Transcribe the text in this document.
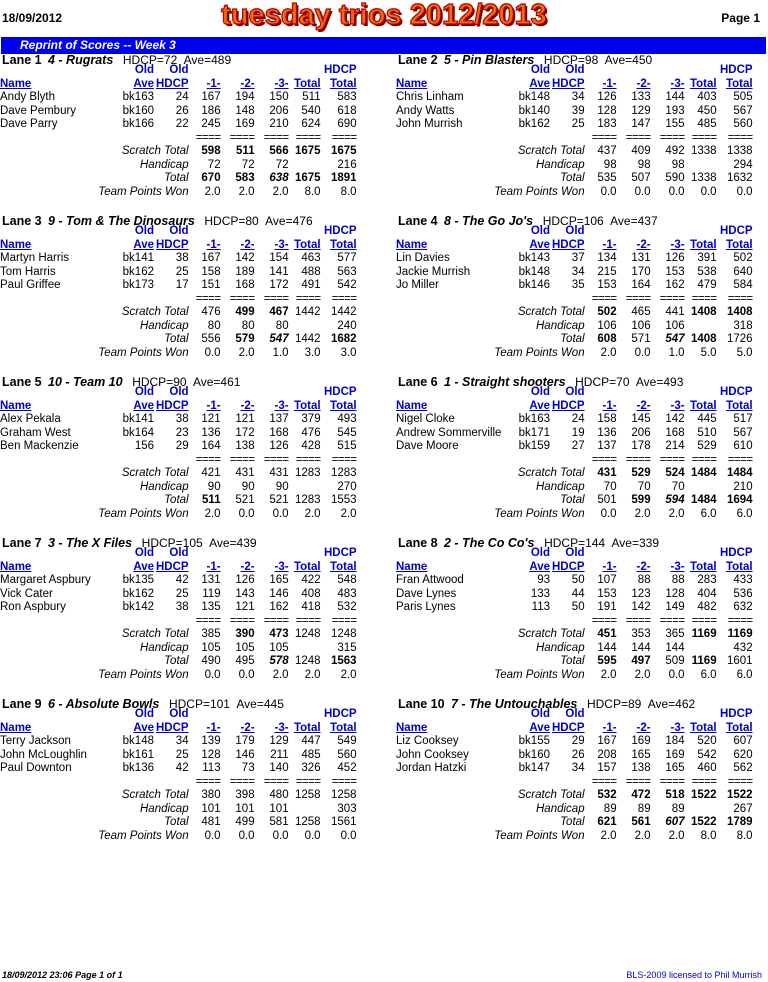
18/09/2012	tuesday trios 2012/2013	Page 1
Reprint of Scores -- Week 3
Lane 1 4 - Rugrats HDCP=72 Ave=489
	Old	Old					HDCP
Name	Ave	HDCP	-1-	-2-	-3-	Total	Total
Andy Blyth	bk163	24	167	194	150	511	583
Dave Pembury	bk160	26	186	148	206	540	618
Dave Parry	bk166	22	245	169	210	624	690
			====	====	====	====	====
Scratch Total			598	511	566	1675	1675
Handicap			72	72	72		216
Total			670	583	638	1675	1891
Team Points Won			2.0	2.0	2.0	8.0	8.0
Lane 2 5 - Pin Blasters HDCP=98 Ave=450
	Old	Old					HDCP
Name	Ave	HDCP	-1-	-2-	-3-	Total	Total
Chris Linham	bk148	34	126	133	144	403	505
Andy Watts	bk140	39	128	129	193	450	567
John Murrish	bk162	25	183	147	155	485	560
			====	====	====	====	====
Scratch Total			437	409	492	1338	1338
Handicap			98	98	98		294
Total			535	507	590	1338	1632
Team Points Won			0.0	0.0	0.0	0.0	0.0
Lane 3 9 - Tom & The Dinosaurs HDCP=80 Ave=476
	Old	Old					HDCP
Name	Ave	HDCP	-1-	-2-	-3-	Total	Total
Martyn Harris	bk141	38	167	142	154	463	577
Tom Harris	bk162	25	158	189	141	488	563
Paul Griffee	bk173	17	151	168	172	491	542
			====	====	====	====	====
Scratch Total			476	499	467	1442	1442
Handicap			80	80	80		240
Total			556	579	547	1442	1682
Team Points Won			0.0	2.0	1.0	3.0	3.0
Lane 4 8 - The Go Jo's HDCP=106 Ave=437
	Old	Old					HDCP
Name	Ave	HDCP	-1-	-2-	-3-	Total	Total
Lin Davies	bk143	37	134	131	126	391	502
Jackie Murrish	bk148	34	215	170	153	538	640
Jo Miller	bk146	35	153	164	162	479	584
			====	====	====	====	====
Scratch Total			502	465	441	1408	1408
Handicap			106	106	106		318
Total			608	571	547	1408	1726
Team Points Won			2.0	0.0	1.0	5.0	5.0
Lane 5 10 - Team 10 HDCP=90 Ave=461
	Old	Old					HDCP
Name	Ave	HDCP	-1-	-2-	-3-	Total	Total
Alex Pekala	bk141	38	121	121	137	379	493
Graham West	bk164	23	136	172	168	476	545
Ben Mackenzie	156	29	164	138	126	428	515
			====	====	====	====	====
Scratch Total			421	431	431	1283	1283
Handicap			90	90	90		270
Total			511	521	521	1283	1553
Team Points Won			2.0	0.0	0.0	2.0	2.0
Lane 6 1 - Straight shooters HDCP=70 Ave=493
	Old	Old					HDCP
Name	Ave	HDCP	-1-	-2-	-3-	Total	Total
Nigel Cloke	bk163	24	158	145	142	445	517
Andrew Sommerville	bk171	19	136	206	168	510	567
Dave Moore	bk159	27	137	178	214	529	610
			====	====	====	====	====
Scratch Total			431	529	524	1484	1484
Handicap			70	70	70		210
Total			501	599	594	1484	1694
Team Points Won			0.0	2.0	2.0	6.0	6.0
Lane 7 3 - The X Files HDCP=105 Ave=439
	Old	Old					HDCP
Name	Ave	HDCP	-1-	-2-	-3-	Total	Total
Margaret Aspbury	bk135	42	131	126	165	422	548
Vick Cater	bk162	25	119	143	146	408	483
Ron Aspbury	bk142	38	135	121	162	418	532
			====	====	====	====	====
Scratch Total			385	390	473	1248	1248
Handicap			105	105	105		315
Total			490	495	578	1248	1563
Team Points Won			0.0	0.0	2.0	2.0	2.0
Lane 8 2 - The Co Co's HDCP=144 Ave=339
	Old	Old					HDCP
Name	Ave	HDCP	-1-	-2-	-3-	Total	Total
Fran Attwood	93	50	107	88	88	283	433
Dave Lynes	133	44	153	123	128	404	536
Paris Lynes	113	50	191	142	149	482	632
			====	====	====	====	====
Scratch Total			451	353	365	1169	1169
Handicap			144	144	144		432
Total			595	497	509	1169	1601
Team Points Won			2.0	2.0	0.0	6.0	6.0
Lane 9 6 - Absolute Bowls HDCP=101 Ave=445
	Old	Old					HDCP
Name	Ave	HDCP	-1-	-2-	-3-	Total	Total
Terry Jackson	bk148	34	139	179	129	447	549
John McLoughlin	bk161	25	128	146	211	485	560
Paul Downton	bk136	42	113	73	140	326	452
			====	====	====	====	====
Scratch Total			380	398	480	1258	1258
Handicap			101	101	101		303
Total			481	499	581	1258	1561
Team Points Won			0.0	0.0	0.0	0.0	0.0
Lane 10 7 - The Untouchables HDCP=89 Ave=462
	Old	Old					HDCP
Name	Ave	HDCP	-1-	-2-	-3-	Total	Total
Liz Cooksey	bk155	29	167	169	184	520	607
John Cooksey	bk160	26	208	165	169	542	620
Jordan Hatzki	bk147	34	157	138	165	460	562
			====	====	====	====	====
Scratch Total			532	472	518	1522	1522
Handicap			89	89	89		267
Total			621	561	607	1522	1789
Team Points Won			2.0	2.0	2.0	8.0	8.0
18/09/2012 23:06 Page 1 of 1	BLS-2009 licensed to Phil Murrish
